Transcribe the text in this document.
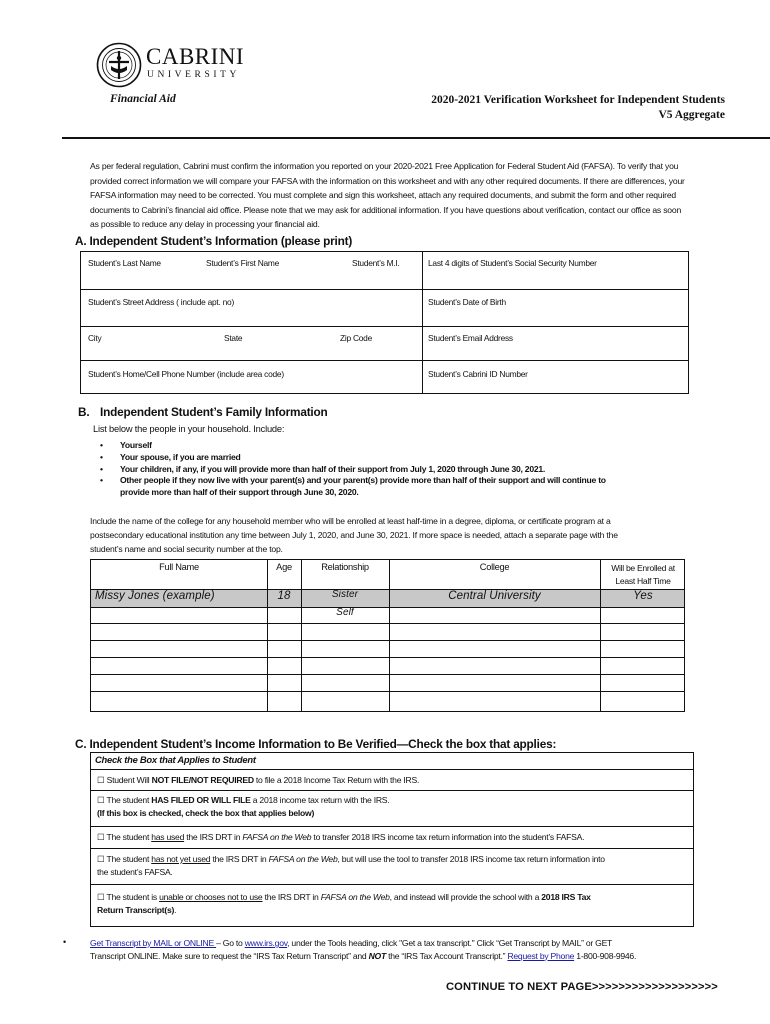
CABRINI
UNIVERSITY
Financial Aid	2020-2021 Verification Worksheet for Independent Students
V5 Aggregate
As per federal regulation, Cabrini must confirm the information you reported on your 2020-2021 Free Application for Federal Student Aid (FAFSA). To verify that you
provided correct information we will compare your FAFSA with the information on this worksheet and with any other required documents. If there are differences, your
FAFSA information may need to be corrected. You must complete and sign this worksheet, attach any required documents, and submit the form and other required
documents to Cabrini’s financial aid office. Please note that we may ask for additional information. If you have questions about verification, contact our office as soon
as possible to reduce any delay in processing your financial aid.
A. Independent Student’s Information (please print)
Student’s Last Name	Student’s First Name	Student’s M.I.	Last 4 digits of Student’s Social Security Number
Student’s Street Address ( include apt. no)	Student’s Date of Birth
City	State	Zip Code	Student’s Email Address
Student’s Home/Cell Phone Number (include area code)	Student’s Cabrini ID Number
B. Independent Student’s Family Information
List below the people in your household. Include:
• Yourself
• Your spouse, if you are married
• Your children, if any, if you will provide more than half of their support from July 1, 2020 through June 30, 2021.
• Other people if they now live with your parent(s) and your parent(s) provide more than half of their support and will continue to
provide more than half of their support through June 30, 2020.
Include the name of the college for any household member who will be enrolled at least half-time in a degree, diploma, or certificate program at a
postsecondary educational institution any time between July 1, 2020, and June 30, 2021. If more space is needed, attach a separate page with the
student’s name and social security number at the top.
Full Name	Age	Relationship	College	Will be Enrolled at
Least Half Time
Missy Jones (example)	18	Sister	Central University	Yes
Self
C. Independent Student’s Income Information to Be Verified—Check the box that applies:
Check the Box that Applies to Student
☐ Student Will NOT FILE/NOT REQUIRED to file a 2018 Income Tax Return with the IRS.
☐ The student HAS FILED OR WILL FILE a 2018 income tax return with the IRS.
(If this box is checked, check the box that applies below)
☐ The student has used the IRS DRT in FAFSA on the Web to transfer 2018 IRS income tax return information into the student’s FAFSA.
☐ The student has not yet used the IRS DRT in FAFSA on the Web, but will use the tool to transfer 2018 IRS income tax return information into
the student’s FAFSA.
☐ The student is unable or chooses not to use the IRS DRT in FAFSA on the Web, and instead will provide the school with a 2018 IRS Tax
Return Transcript(s).
•	Get Transcript by MAIL or ONLINE – Go to www.irs.gov, under the Tools heading, click "Get a tax transcript." Click “Get Transcript by MAIL” or GET
Transcript ONLINE. Make sure to request the “IRS Tax Return Transcript” and NOT the “IRS Tax Account Transcript.” Request by Phone 1-800-908-9946.
CONTINUE TO NEXT PAGE>>>>>>>>>>>>>>>>>>>
